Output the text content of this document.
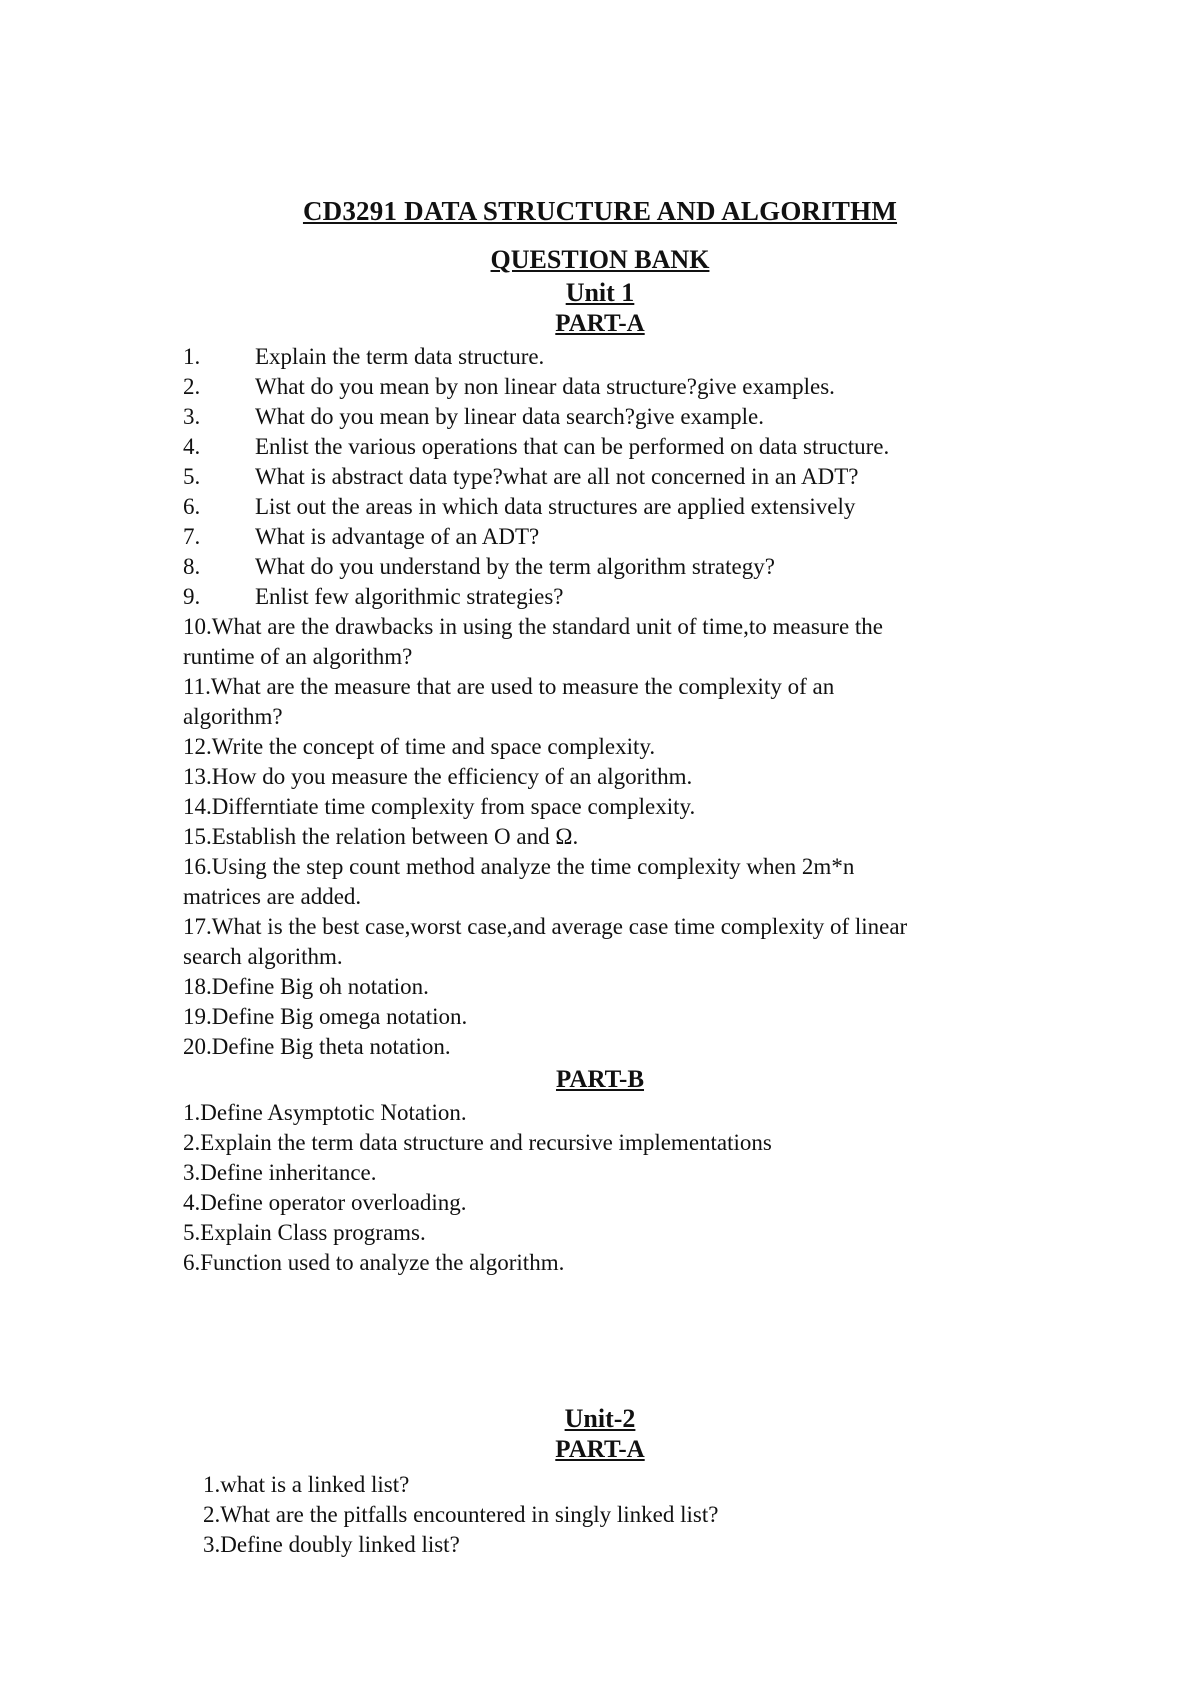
CD3291 DATA STRUCTURE AND ALGORITHM
QUESTION BANK
Unit 1
PART-A
1. Explain the term data structure.
2. What do you mean by non linear data structure?give examples.
3. What do you mean by linear data search?give example.
4. Enlist the various operations that can be performed on data structure.
5. What is abstract data type?what are all not concerned in an ADT?
6. List out the areas in which data structures are applied extensively
7. What is advantage of an ADT?
8. What do you understand by the term algorithm strategy?
9. Enlist few algorithmic strategies?
10.What are the drawbacks in using the standard unit of time,to measure the
runtime of an algorithm?
11.What are the measure that are used to measure the complexity of an
algorithm?
12.Write the concept of time and space complexity.
13.How do you measure the efficiency of an algorithm.
14.Differntiate time complexity from space complexity.
15.Establish the relation between O and Ω.
16.Using the step count method analyze the time complexity when 2m*n
matrices are added.
17.What is the best case,worst case,and average case time complexity of linear
search algorithm.
18.Define Big oh notation.
19.Define Big omega notation.
20.Define Big theta notation.
PART-B
1.Define Asymptotic Notation.
2.Explain the term data structure and recursive implementations
3.Define inheritance.
4.Define operator overloading.
5.Explain Class programs.
6.Function used to analyze the algorithm.
Unit-2
PART-A
1.what is a linked list?
2.What are the pitfalls encountered in singly linked list?
3.Define doubly linked list?
